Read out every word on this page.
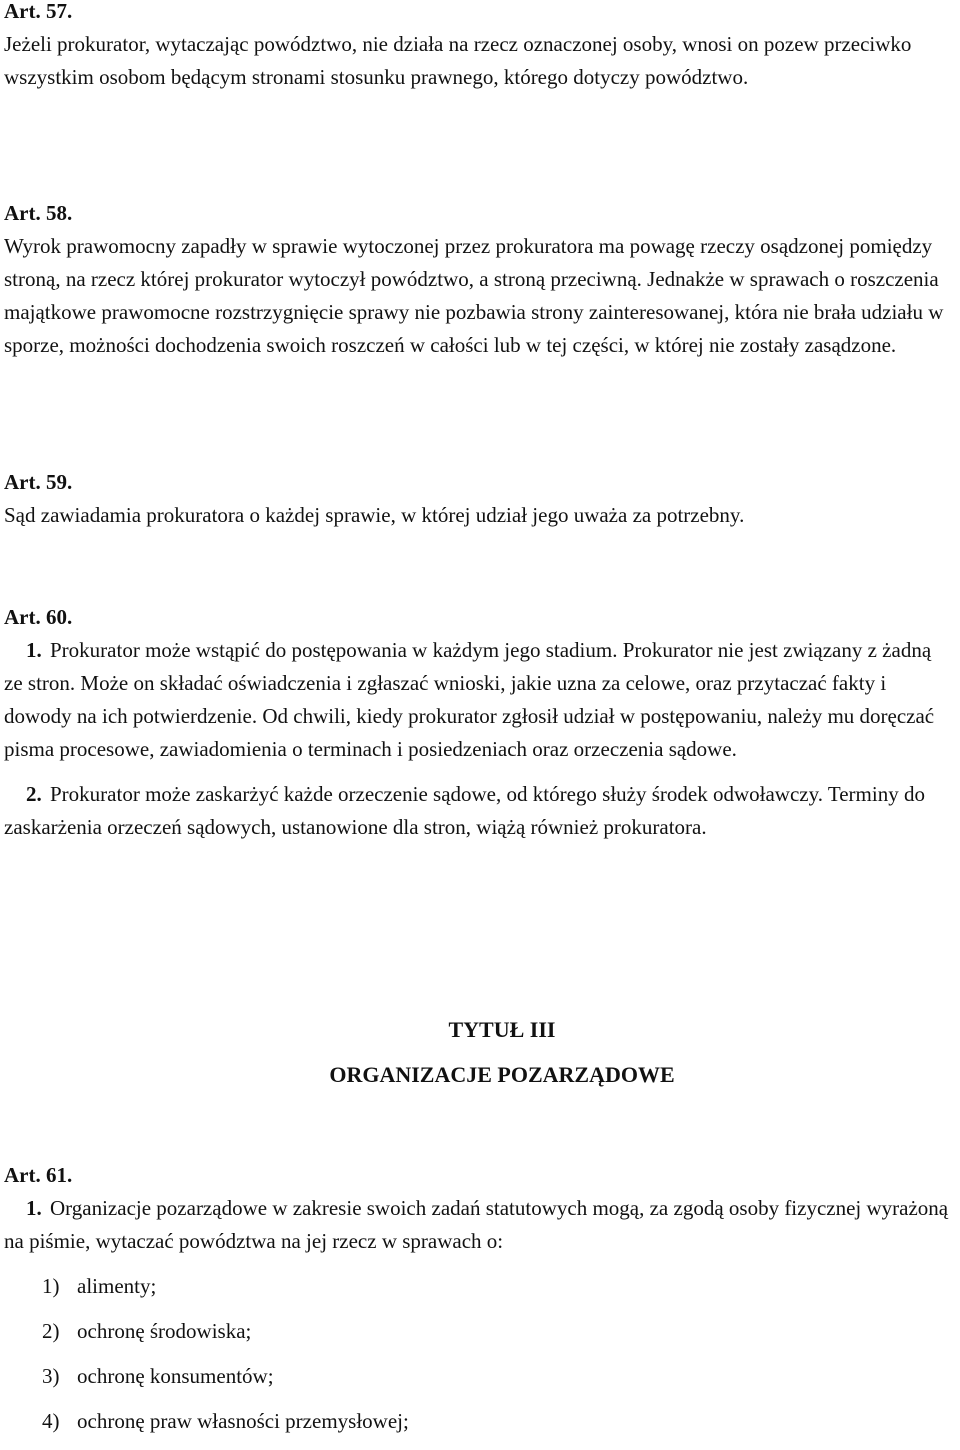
Art. 57.

Jeżeli prokurator, wytaczając powództwo, nie działa na rzecz oznaczonej osoby, wnosi on pozew przeciwko wszystkim osobom będącym stronami stosunku prawnego, którego dotyczy powództwo.

Art. 58.

Wyrok prawomocny zapadły w sprawie wytoczonej przez prokuratora ma powagę rzeczy osądzonej pomiędzy stroną, na rzecz której prokurator wytoczył powództwo, a stroną przeciwną. Jednakże w sprawach o roszczenia majątkowe prawomocne rozstrzygnięcie sprawy nie pozbawia strony zainteresowanej, która nie brała udziału w sporze, możności dochodzenia swoich roszczeń w całości lub w tej części, w której nie zostały zasądzone.

Art. 59.

Sąd zawiadamia prokuratora o każdej sprawie, w której udział jego uważa za potrzebny.

Art. 60.

1. Prokurator może wstąpić do postępowania w każdym jego stadium. Prokurator nie jest związany z żadną ze stron. Może on składać oświadczenia i zgłaszać wnioski, jakie uzna za celowe, oraz przytaczać fakty i dowody na ich potwierdzenie. Od chwili, kiedy prokurator zgłosił udział w postępowaniu, należy mu doręczać pisma procesowe, zawiadomienia o terminach i posiedzeniach oraz orzeczenia sądowe.

2. Prokurator może zaskarżyć każde orzeczenie sądowe, od którego służy środek odwoławczy. Terminy do zaskarżenia orzeczeń sądowych, ustanowione dla stron, wiążą również prokuratora.

TYTUŁ III
ORGANIZACJE POZARZĄDOWE
Art. 61.

1. Organizacje pozarządowe w zakresie swoich zadań statutowych mogą, za zgodą osoby fizycznej wyrażoną na piśmie, wytaczać powództwa na jej rzecz w sprawach o:

1) alimenty;
2) ochronę środowiska;
3) ochronę konsumentów;
4) ochronę praw własności przemysłowej;
